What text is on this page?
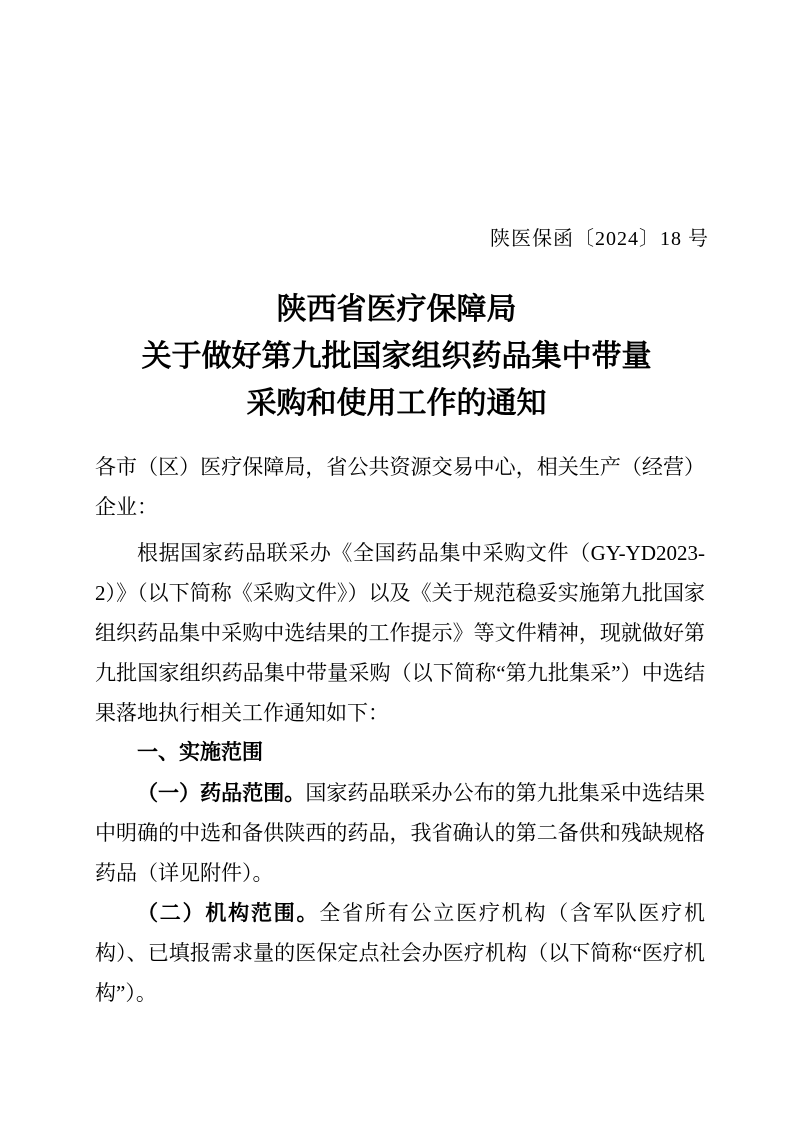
陕医保函〔2024〕18 号
陕西省医疗保障局
关于做好第九批国家组织药品集中带量
采购和使用工作的通知

各市（区）医疗保障局，省公共资源交易中心，相关生产（经营）企业：

根据国家药品联采办《全国药品集中采购文件（GY-YD2023-2）》（以下简称《采购文件》）以及《关于规范稳妥实施第九批国家组织药品集中采购中选结果的工作提示》等文件精神，现就做好第九批国家组织药品集中带量采购（以下简称“第九批集采”）中选结果落地执行相关工作通知如下：

一、实施范围

（一）药品范围。国家药品联采办公布的第九批集采中选结果中明确的中选和备供陕西的药品，我省确认的第二备供和残缺规格药品（详见附件）。

（二）机构范围。全省所有公立医疗机构（含军队医疗机构）、已填报需求量的医保定点社会办医疗机构（以下简称“医疗机构”）。
